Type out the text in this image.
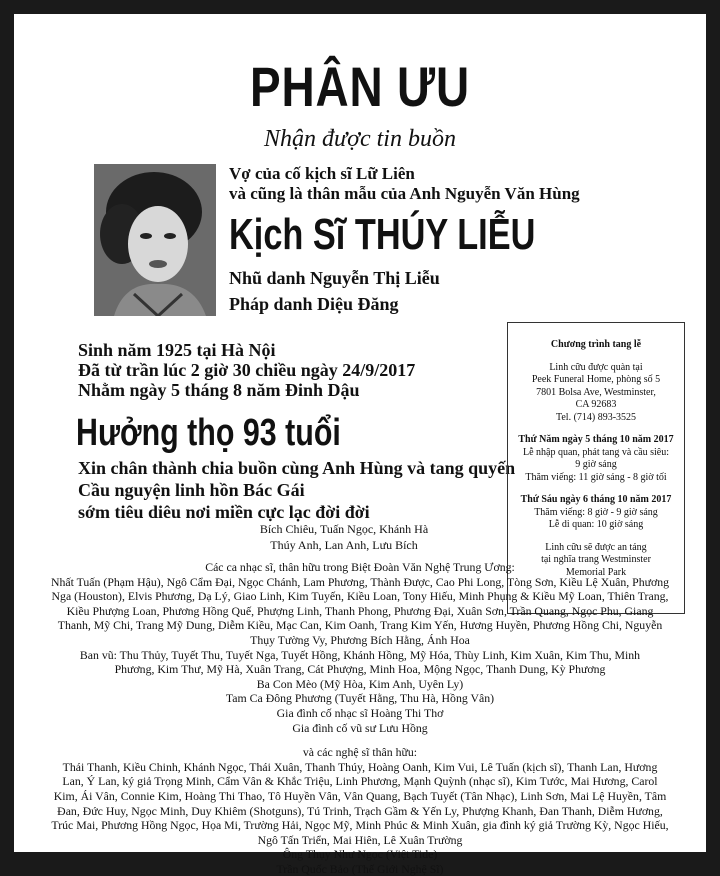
PHÂN ƯU
Nhận được tin buồn
Vợ của cố kịch sĩ Lữ Liên
và cũng là thân mẫu của Anh Nguyễn Văn Hùng
Kịch Sĩ THÚY LIỄU
Nhũ danh Nguyễn Thị Liễu
Pháp danh Diệu Đăng
Sinh năm 1925 tại Hà Nội
Đã từ trần lúc 2 giờ 30 chiều ngày 24/9/2017
Nhằm ngày 5 tháng 8 năm Đinh Dậu
Hưởng thọ 93 tuổi
Xin chân thành chia buồn cùng Anh Hùng và tang quyến
Cầu nguyện linh hồn Bác Gái
sớm tiêu diêu nơi miền cực lạc đời đời
Chương trình tang lễ
Linh cữu được quàn tại
Peek Funeral Home, phòng số 5
7801 Bolsa Ave, Westminster,
CA 92683
Tel. (714) 893-3525
Thứ Năm ngày 5 tháng 10 năm 2017
Lễ nhập quan, phát tang và cầu siêu:
9 giờ sáng
Thăm viếng: 11 giờ sáng - 8 giờ tối
Thứ Sáu ngày 6 tháng 10 năm 2017
Thăm viếng: 8 giờ - 9 giờ sáng
Lễ di quan: 10 giờ sáng
Linh cữu sẽ được an táng
tại nghĩa trang Westminster
Memorial Park
Bích Chiêu, Tuấn Ngọc, Khánh Hà
Thúy Anh, Lan Anh, Lưu Bích
Các ca nhạc sĩ, thân hữu trong Biệt Đoàn Văn Nghệ Trung Ương:
Nhất Tuấn (Phạm Hậu), Ngô Cẩm Đại, Ngọc Chánh, Lam Phương, Thành Được, Cao Phi Long, Tòng Sơn, Kiều Lệ Xuân, Phương
Nga (Houston), Elvis Phương, Dạ Lý, Giao Linh, Kim Tuyến, Kiều Loan, Tony Hiếu, Minh Phụng & Kiều Mỹ Loan, Thiên Trang,
Kiều Phượng Loan, Phương Hồng Quế, Phượng Linh, Thanh Phong, Phương Đại, Xuân Sơn, Trần Quang, Ngọc Phu, Giang
Thanh, Mỹ Chi, Trang Mỹ Dung, Diễm Kiều, Mạc Can, Kim Oanh, Trang Kim Yến, Hương Huyền, Phương Hồng Chi, Nguyễn
Thụy Tường Vy, Phương Bích Hằng, Ánh Hoa
Ban vũ: Thu Thủy, Tuyết Thu, Tuyết Nga, Tuyết Hồng, Khánh Hồng, Mỹ Hóa, Thùy Linh, Kim Xuân, Kim Thu, Minh
Phương, Kim Thư, Mỹ Hà, Xuân Trang, Cát Phượng, Minh Hoa, Mộng Ngọc, Thanh Dung, Kỳ Phương
Ba Con Mèo (Mỹ Hòa, Kim Anh, Uyên Ly)
Tam Ca Đông Phương (Tuyết Hằng, Thu Hà, Hồng Vân)
Gia đình cố nhạc sĩ Hoàng Thi Thơ
Gia đình cố vũ sư Lưu Hồng
và các nghệ sĩ thân hữu:
Thái Thanh, Kiều Chinh, Khánh Ngọc, Thái Xuân, Thanh Thúy, Hoàng Oanh, Kim Vui, Lê Tuấn (kịch sĩ), Thanh Lan, Hương
Lan, Ý Lan, ký giả Trọng Minh, Cẩm Vân & Khắc Triệu, Linh Phương, Mạnh Quỳnh (nhạc sĩ), Kim Tước, Mai Hương, Carol
Kim, Ái Vân, Connie Kim, Hoàng Thi Thao, Tô Huyền Vân, Vân Quang, Bạch Tuyết (Tân Nhạc), Linh Sơn, Mai Lệ Huyền, Tâm
Đan, Đức Huy, Ngọc Minh, Duy Khiêm (Shotguns), Tú Trinh, Trạch Gầm & Yến Ly, Phượng Khanh, Đan Thanh, Diễm Hương,
Trúc Mai, Phương Hồng Ngọc, Họa Mi, Trường Hải, Ngọc Mỹ, Minh Phúc & Minh Xuân, gia đình ký giả Trường Kỳ, Ngọc Hiếu,
Ngô Tấn Triển, Mai Hiên, Lê Xuân Trường
Ông Thụy Như Ngọc (Việt Tide)
Trần Quốc Bảo (Thế Giới Nghệ Sĩ)
